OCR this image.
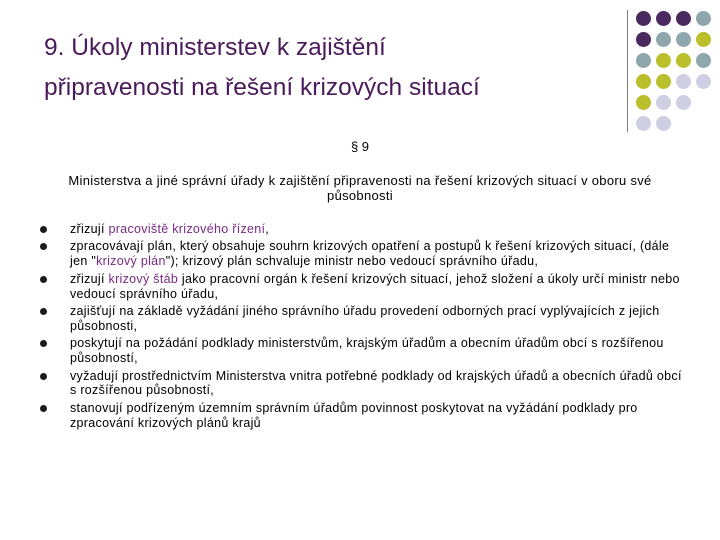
9. Úkoly ministerstev k zajištění
připravenosti na řešení krizových situací
§ 9
Ministerstva a jiné správní úřady k zajištění připravenosti na řešení krizových situací v oboru své působnosti
zřizují pracoviště krizového řízení,
zpracovávají plán, který obsahuje souhrn krizových opatření a postupů k řešení krizových situací, (dále jen "krizový plán"); krizový plán schvaluje ministr nebo vedoucí správního úřadu,
zřizují krizový štáb jako pracovní orgán k řešení krizových situací, jehož složení a úkoly určí ministr nebo vedoucí správního úřadu,
zajišťují na základě vyžádání jiného správního úřadu provedení odborných prací vyplývajících z jejich působnosti,
poskytují na požádání podklady ministerstvům, krajským úřadům a obecním úřadům obcí s rozšířenou působností,
vyžadují prostřednictvím Ministerstva vnitra potřebné podklady od krajských úřadů a obecních úřadů obcí s rozšířenou působností,
stanovují podřízeným územním správním úřadům povinnost poskytovat na vyžádání podklady pro zpracování krizových plánů krajů
